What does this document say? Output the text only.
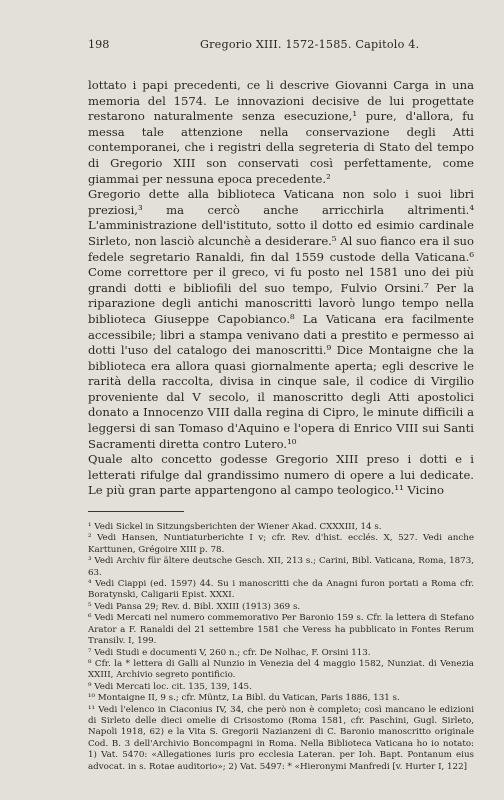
198	Gregorio XIII. 1572-1585. Capitolo 4.

lottato i papi precedenti, ce li descrive Giovanni Carga in una memoria del 1574. Le innovazioni decisive de lui progettate restarono naturalmente senza esecuzione,¹ pure, d'allora, fu messa tale attenzione nella conservazione degli Atti contemporanei, che i registri della segreteria di Stato del tempo di Gregorio XIII son conservati così perfettamente, come giammai per nessuna epoca precedente.²

Gregorio dette alla biblioteca Vaticana non solo i suoi libri preziosi,³ ma cercò anche arricchirla altrimenti.⁴ L'amministrazione dell'istituto, sotto il dotto ed esimio cardinale Sirleto, non lasciò alcunchè a desiderare.⁵ Al suo fianco era il suo fedele segretario Ranaldi, fin dal 1559 custode della Vaticana.⁶ Come correttore per il greco, vi fu posto nel 1581 uno dei più grandi dotti e bibliofili del suo tempo, Fulvio Orsini.⁷ Per la riparazione degli antichi manoscritti lavorò lungo tempo nella biblioteca Giuseppe Capobianco.⁸ La Vaticana era facilmente accessibile; libri a stampa venivano dati a prestito e permesso ai dotti l'uso del catalogo dei manoscritti.⁹ Dice Montaigne che la biblioteca era allora quasi giornalmente aperta; egli descrive le rarità della raccolta, divisa in cinque sale, il codice di Virgilio proveniente dal V secolo, il manoscritto degli Atti apostolici donato a Innocenzo VIII dalla regina di Cipro, le minute difficili a leggersi di san Tomaso d'Aquino e l'opera di Enrico VIII sui Santi Sacramenti diretta contro Lutero.¹⁰

Quale alto concetto godesse Gregorio XIII preso i dotti e i letterati rifulge dal grandissimo numero di opere a lui dedicate. Le più gran parte appartengono al campo teologico.¹¹ Vicino

¹ Vedi Sickel in Sitzungsberichten der Wiener Akad. CXXXIII, 14 s.

² Vedi Hansen, Nuntiaturberichte I v; cfr. Rev. d'hist. ecclés. X, 527. Vedi anche Karttunen, Grégoire XIII p. 78.

³ Vedi Archiv für ältere deutsche Gesch. XII, 213 s.; Carini, Bibl. Vaticana, Roma, 1873, 63.

⁴ Vedi Ciappi (ed. 1597) 44. Su i manoscritti che da Anagni furon portati a Roma cfr. Boratynski, Caligarii Epist. XXXI.

⁵ Vedi Pansa 29; Rev. d. Bibl. XXIII (1913) 369 s.

⁶ Vedi Mercati nel numero commemorativo Per Baronio 159 s. Cfr. la lettera di Stefano Arator a F. Ranaldi del 21 settembre 1581 che Veress ha pubblicato in Fontes Rerum Transilv. I, 199.

⁷ Vedi Studi e documenti V, 260 n.; cfr. De Nolhac, F. Orsini 113.

⁸ Cfr. la * lettera di Galli al Nunzio in Venezia del 4 maggio 1582, Nunziat. di Venezia XXIII, Archivio segreto pontificio.

⁹ Vedi Mercati loc. cit. 135, 139, 145.

¹⁰ Montaigne II, 9 s.; cfr. Müntz, La Bibl. du Vatican, Paris 1886, 131 s.

¹¹ Vedi l'elenco in Ciaconius IV, 34, che però non è completo; così mancano le edizioni di Sirleto delle dieci omelie di Crisostomo (Roma 1581, cfr. Paschini, Gugl. Sirleto, Napoli 1918, 62) e la Vita S. Gregorii Nazianzeni di C. Baronio manoscritto originale Cod. B. 3 dell'Archivio Boncompagni in Roma. Nella Biblioteca Vaticana ho io notato: 1) Vat. 5470: «Allegationes iuris pro ecclesia Lateran. per Ioh. Bapt. Pontanum eius advocat. in s. Rotae auditorio»; 2) Vat. 5497: * «Hieronymi Manfredi [v. Hurter I, 122]
